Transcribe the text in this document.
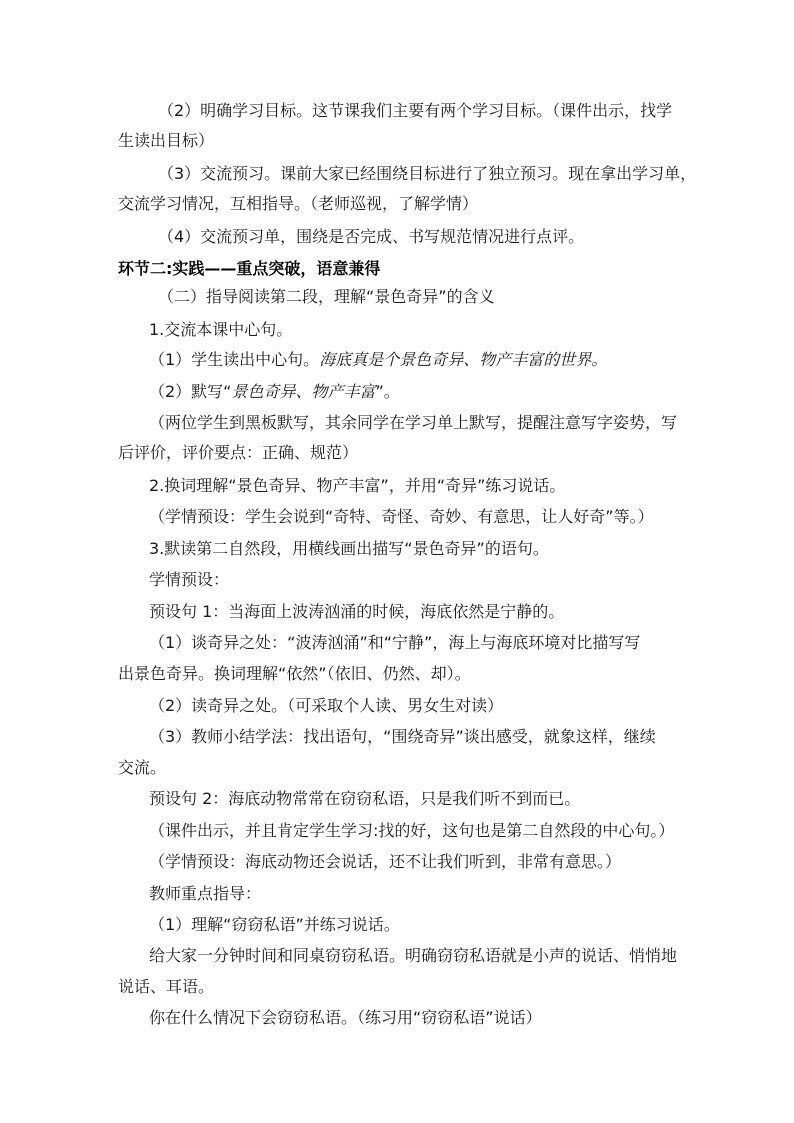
（2）明确学习目标。这节课我们主要有两个学习目标。（课件出示，找学
生读出目标）
（3）交流预习。课前大家已经围绕目标进行了独立预习。现在拿出学习单，
交流学习情况，互相指导。（老师巡视，了解学情）
（4）交流预习单，围绕是否完成、书写规范情况进行点评。
环节二:实践——重点突破，语意兼得
（二）指导阅读第二段，理解“景色奇异”的含义
1.交流本课中心句。
（1）学生读出中心句。海底真是个景色奇异、物产丰富的世界。
（2）默写“景色奇异、物产丰富”。
（两位学生到黑板默写，其余同学在学习单上默写，提醒注意写字姿势，写
后评价，评价要点：正确、规范）
2.换词理解“景色奇异、物产丰富”，并用“奇异”练习说话。
（学情预设：学生会说到“奇特、奇怪、奇妙、有意思，让人好奇”等。）
3.默读第二自然段，用横线画出描写“景色奇异”的语句。
学情预设：
预设句 1：当海面上波涛汹涌的时候，海底依然是宁静的。
（1）谈奇异之处：“波涛汹涌”和“宁静”，海上与海底环境对比描写写
出景色奇异。换词理解“依然”（依旧、仍然、却）。
（2）读奇异之处。（可采取个人读、男女生对读）
（3）教师小结学法：找出语句，“围绕奇异”谈出感受，就象这样，继续
交流。
预设句 2：海底动物常常在窃窃私语，只是我们听不到而已。
（课件出示，并且肯定学生学习:找的好，这句也是第二自然段的中心句。）
（学情预设：海底动物还会说话，还不让我们听到，非常有意思。）
教师重点指导：
（1）理解“窃窃私语”并练习说话。
给大家一分钟时间和同桌窃窃私语。明确窃窃私语就是小声的说话、悄悄地
说话、耳语。
你在什么情况下会窃窃私语。（练习用“窃窃私语”说话）
